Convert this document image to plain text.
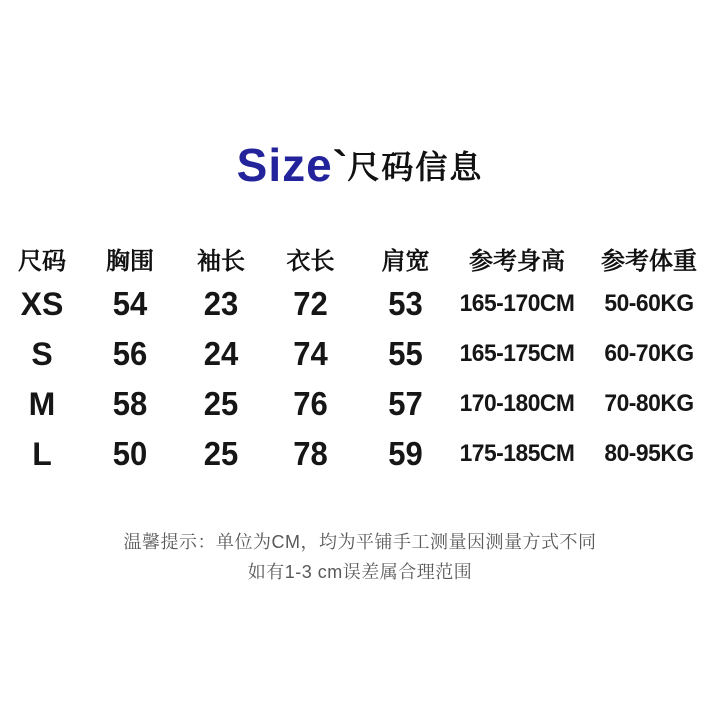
Size`尺码信息
尺码	胸围	袖长	衣长	肩宽	参考身高	参考体重
XS	54	23	72	53	165-170CM	50-60KG
S	56	24	74	55	165-175CM	60-70KG
M	58	25	76	57	170-180CM	70-80KG
L	50	25	78	59	175-185CM	80-95KG
温馨提示：单位为CM，均为平铺手工测量因测量方式不同
如有1-3 cm误差属合理范围
